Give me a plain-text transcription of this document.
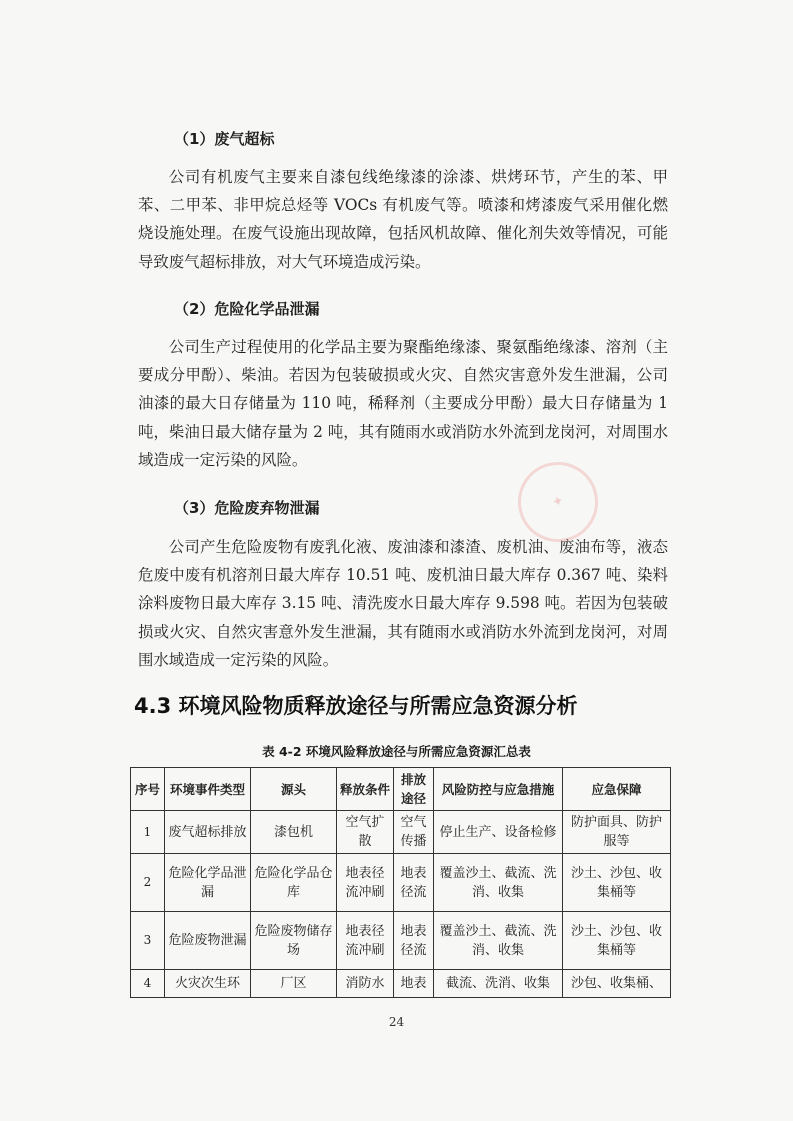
（1）废气超标
公司有机废气主要来自漆包线绝缘漆的涂漆、烘烤环节，产生的苯、甲苯、二甲苯、非甲烷总烃等 VOCs 有机废气等。喷漆和烤漆废气采用催化燃烧设施处理。在废气设施出现故障，包括风机故障、催化剂失效等情况，可能导致废气超标排放，对大气环境造成污染。
（2）危险化学品泄漏
公司生产过程使用的化学品主要为聚酯绝缘漆、聚氨酯绝缘漆、溶剂（主要成分甲酚）、柴油。若因为包装破损或火灾、自然灾害意外发生泄漏，公司油漆的最大日存储量为 110 吨，稀释剂（主要成分甲酚）最大日存储量为 1 吨，柴油日最大储存量为 2 吨，其有随雨水或消防水外流到龙岗河，对周围水域造成一定污染的风险。
（3）危险废弃物泄漏
公司产生危险废物有废乳化液、废油漆和漆渣、废机油、废油布等，液态危废中废有机溶剂日最大库存 10.51 吨、废机油日最大库存 0.367 吨、染料涂料废物日最大库存 3.15 吨、清洗废水日最大库存 9.598 吨。若因为包装破损或火灾、自然灾害意外发生泄漏，其有随雨水或消防水外流到龙岗河，对周围水域造成一定污染的风险。
✦
4.3 环境风险物质释放途径与所需应急资源分析
表 4-2 环境风险释放途径与所需应急资源汇总表
序号	环境事件类型	源头	释放条件	排放途径	风险防控与应急措施	应急保障
1	废气超标排放	漆包机	空气扩散	空气传播	停止生产、设备检修	防护面具、防护服等
2	危险化学品泄漏	危险化学品仓库	地表径流冲刷	地表径流	覆盖沙土、截流、洗消、收集	沙土、沙包、收集桶等
3	危险废物泄漏	危险废物储存场	地表径流冲刷	地表径流	覆盖沙土、截流、洗消、收集	沙土、沙包、收集桶等
4	火灾次生环	厂区	消防水	地表	截流、洗消、收集	沙包、收集桶、
24
